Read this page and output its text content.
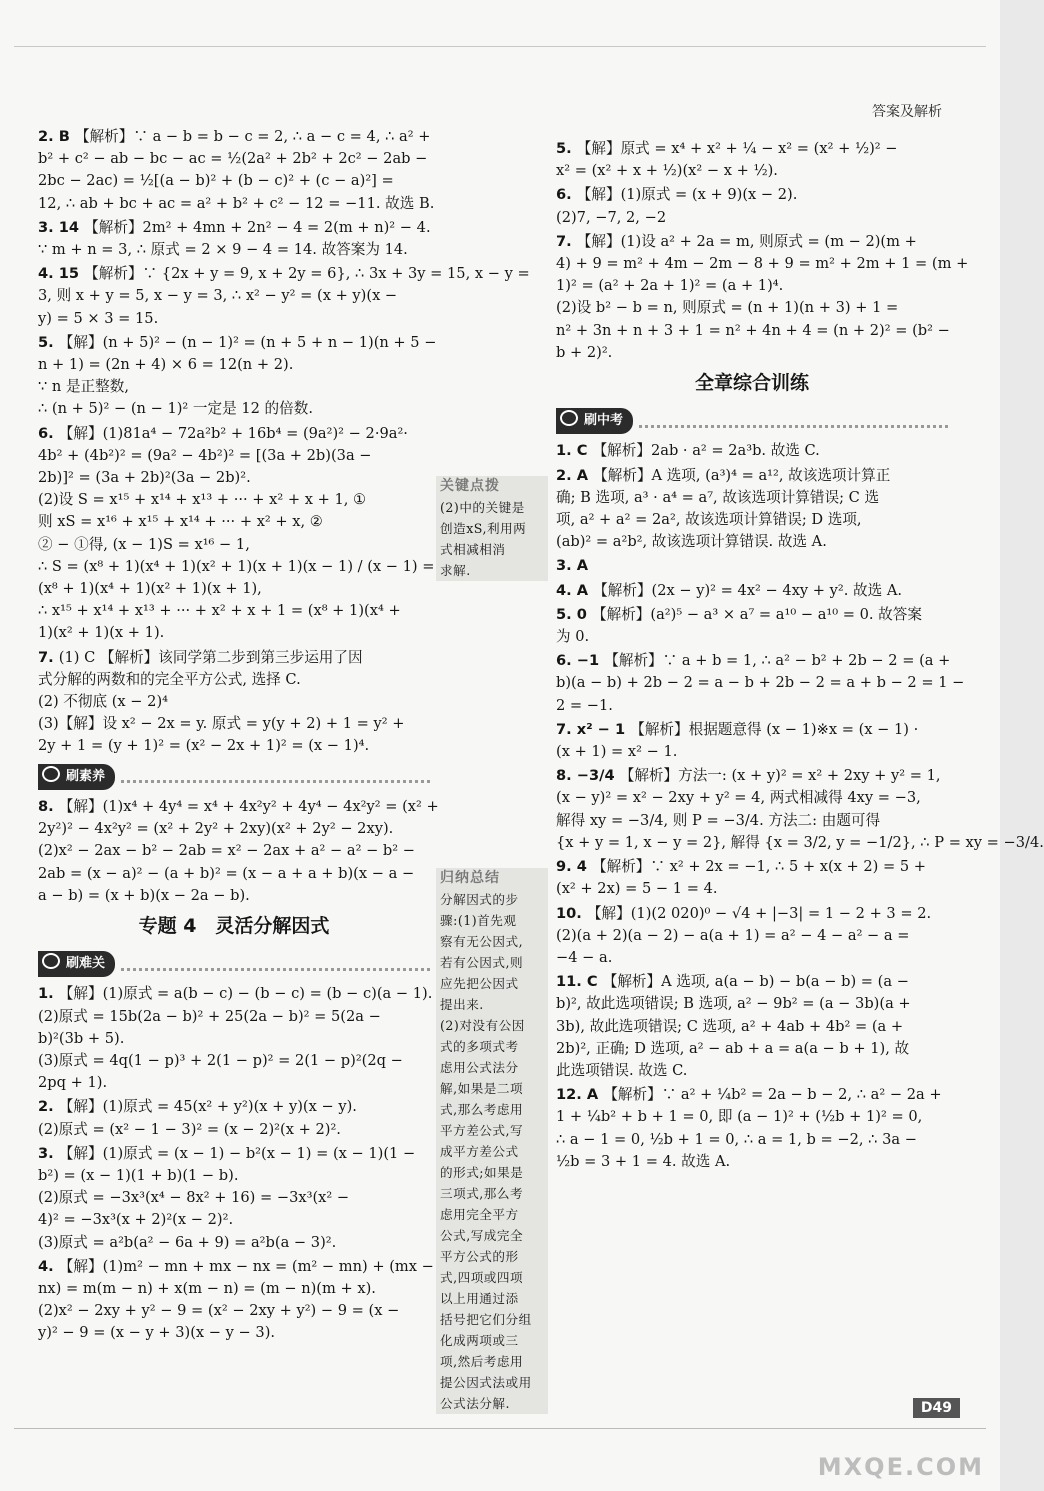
答案及解析
2. B 【解析】∵ a − b = b − c = 2, ∴ a − c = 4, ∴ a² +
b² + c² − ab − bc − ac = ½(2a² + 2b² + 2c² − 2ab −
2bc − 2ac) = ½[(a − b)² + (b − c)² + (c − a)²] =
12, ∴ ab + bc + ac = a² + b² + c² − 12 = −11. 故选 B.
3. 14 【解析】2m² + 4mn + 2n² − 4 = 2(m + n)² − 4.
∵ m + n = 3, ∴ 原式 = 2 × 9 − 4 = 14. 故答案为 14.
4. 15 【解析】∵ {2x + y = 9, x + 2y = 6}, ∴ 3x + 3y = 15, x − y =
3, 则 x + y = 5, x − y = 3, ∴ x² − y² = (x + y)(x −
y) = 5 × 3 = 15.
5. 【解】(n + 5)² − (n − 1)² = (n + 5 + n − 1)(n + 5 −
n + 1) = (2n + 4) × 6 = 12(n + 2).
∵ n 是正整数,
∴ (n + 5)² − (n − 1)² 一定是 12 的倍数.
6. 【解】(1)81a⁴ − 72a²b² + 16b⁴ = (9a²)² − 2·9a²·
4b² + (4b²)² = (9a² − 4b²)² = [(3a + 2b)(3a −
2b)]² = (3a + 2b)²(3a − 2b)².
(2)设 S = x¹⁵ + x¹⁴ + x¹³ + ··· + x² + x + 1, ①
则 xS = x¹⁶ + x¹⁵ + x¹⁴ + ··· + x² + x, ②
② − ①得, (x − 1)S = x¹⁶ − 1,
∴ S = (x⁸ + 1)(x⁴ + 1)(x² + 1)(x + 1)(x − 1) / (x − 1) =
(x⁸ + 1)(x⁴ + 1)(x² + 1)(x + 1),
∴ x¹⁵ + x¹⁴ + x¹³ + ··· + x² + x + 1 = (x⁸ + 1)(x⁴ +
1)(x² + 1)(x + 1).
7. (1) C 【解析】该同学第二步到第三步运用了因
式分解的两数和的完全平方公式, 选择 C.
(2) 不彻底 (x − 2)⁴
(3)【解】设 x² − 2x = y. 原式 = y(y + 2) + 1 = y² +
2y + 1 = (y + 1)² = (x² − 2x + 1)² = (x − 1)⁴.
刷素养
8. 【解】(1)x⁴ + 4y⁴ = x⁴ + 4x²y² + 4y⁴ − 4x²y² = (x² +
2y²)² − 4x²y² = (x² + 2y² + 2xy)(x² + 2y² − 2xy).
(2)x² − 2ax − b² − 2ab = x² − 2ax + a² − a² − b² −
2ab = (x − a)² − (a + b)² = (x − a + a + b)(x − a −
a − b) = (x + b)(x − 2a − b).
专题 4　灵活分解因式
刷难关
1. 【解】(1)原式 = a(b − c) − (b − c) = (b − c)(a − 1).
(2)原式 = 15b(2a − b)² + 25(2a − b)² = 5(2a −
b)²(3b + 5).
(3)原式 = 4q(1 − p)³ + 2(1 − p)² = 2(1 − p)²(2q −
2pq + 1).
2. 【解】(1)原式 = 45(x² + y²)(x + y)(x − y).
(2)原式 = (x² − 1 − 3)² = (x − 2)²(x + 2)².
3. 【解】(1)原式 = (x − 1) − b²(x − 1) = (x − 1)(1 −
b²) = (x − 1)(1 + b)(1 − b).
(2)原式 = −3x³(x⁴ − 8x² + 16) = −3x³(x² −
4)² = −3x³(x + 2)²(x − 2)².
(3)原式 = a²b(a² − 6a + 9) = a²b(a − 3)².
4. 【解】(1)m² − mn + mx − nx = (m² − mn) + (mx −
nx) = m(m − n) + x(m − n) = (m − n)(m + x).
(2)x² − 2xy + y² − 9 = (x² − 2xy + y²) − 9 = (x −
y)² − 9 = (x − y + 3)(x − y − 3).
关键点拨
(2)中的关键是
创造xS,利用两
式相减相消
求解.
归纳总结
分解因式的步
骤:(1)首先观
察有无公因式,
若有公因式,则
应先把公因式
提出来.
(2)对没有公因
式的多项式考
虑用公式法分
解,如果是二项
式,那么考虑用
平方差公式,写
成平方差公式
的形式;如果是
三项式,那么考
虑用完全平方
公式,写成完全
平方公式的形
式,四项或四项
以上用通过添
括号把它们分组
化成两项或三
项,然后考虑用
提公因式法或用
公式法分解.
5. 【解】原式 = x⁴ + x² + ¼ − x² = (x² + ½)² −
x² = (x² + x + ½)(x² − x + ½).
6. 【解】(1)原式 = (x + 9)(x − 2).
(2)7, −7, 2, −2
7. 【解】(1)设 a² + 2a = m, 则原式 = (m − 2)(m +
4) + 9 = m² + 4m − 2m − 8 + 9 = m² + 2m + 1 = (m +
1)² = (a² + 2a + 1)² = (a + 1)⁴.
(2)设 b² − b = n, 则原式 = (n + 1)(n + 3) + 1 =
n² + 3n + n + 3 + 1 = n² + 4n + 4 = (n + 2)² = (b² −
b + 2)².
全章综合训练
刷中考
1. C 【解析】2ab · a² = 2a³b. 故选 C.
2. A 【解析】A 选项, (a³)⁴ = a¹², 故该选项计算正
确; B 选项, a³ · a⁴ = a⁷, 故该选项计算错误; C 选
项, a² + a² = 2a², 故该选项计算错误; D 选项,
(ab)² = a²b², 故该选项计算错误. 故选 A.
3. A
4. A 【解析】(2x − y)² = 4x² − 4xy + y². 故选 A.
5. 0 【解析】(a²)⁵ − a³ × a⁷ = a¹⁰ − a¹⁰ = 0. 故答案
为 0.
6. −1 【解析】∵ a + b = 1, ∴ a² − b² + 2b − 2 = (a +
b)(a − b) + 2b − 2 = a − b + 2b − 2 = a + b − 2 = 1 −
2 = −1.
7. x² − 1 【解析】根据题意得 (x − 1)※x = (x − 1) ·
(x + 1) = x² − 1.
8. −3/4 【解析】方法一: (x + y)² = x² + 2xy + y² = 1,
(x − y)² = x² − 2xy + y² = 4, 两式相减得 4xy = −3,
解得 xy = −3/4, 则 P = −3/4. 方法二: 由题可得
{x + y = 1, x − y = 2}, 解得 {x = 3/2, y = −1/2}, ∴ P = xy = −3/4.
9. 4 【解析】∵ x² + 2x = −1, ∴ 5 + x(x + 2) = 5 +
(x² + 2x) = 5 − 1 = 4.
10. 【解】(1)(2 020)⁰ − √4 + |−3| = 1 − 2 + 3 = 2.
(2)(a + 2)(a − 2) − a(a + 1) = a² − 4 − a² − a =
−4 − a.
11. C 【解析】A 选项, a(a − b) − b(a − b) = (a −
b)², 故此选项错误; B 选项, a² − 9b² = (a − 3b)(a +
3b), 故此选项错误; C 选项, a² + 4ab + 4b² = (a +
2b)², 正确; D 选项, a² − ab + a = a(a − b + 1), 故
此选项错误. 故选 C.
12. A 【解析】∵ a² + ¼b² = 2a − b − 2, ∴ a² − 2a +
1 + ¼b² + b + 1 = 0, 即 (a − 1)² + (½b + 1)² = 0,
∴ a − 1 = 0, ½b + 1 = 0, ∴ a = 1, b = −2, ∴ 3a −
½b = 3 + 1 = 4. 故选 A.
D49
MXQE.COM
